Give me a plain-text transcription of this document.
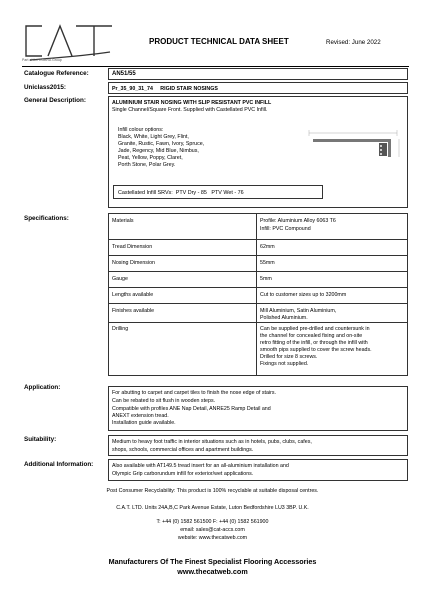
Part of the KOBRA Group
PRODUCT TECHNICAL DATA SHEET	Revised: June 2022
Catalogue Reference:	AN51/55
Uniclass2015:	Pr_35_90_31_74     RIGID STAIR NOSINGS
General Description:	ALUMINIUM STAIR NOSING WITH SLIP RESISTANT PVC INFILL
Single Channel/Square Front. Supplied with Castellated PVC Infill.
Infill colour options:
Black, White, Light Grey, Flint,
Granite, Rustic, Fawn, Ivory, Spruce,
Jade, Regency, Mid Blue, Nimbus,
Peat, Yellow, Poppy, Claret,
Porth Stone, Polar Grey.
Castellated Infill SRVs:  PTV Dry - 85   PTV Wet - 76
Specifications:	Materials	Profile: Aluminium Alloy 6063 T6
Infill: PVC Compound
Tread Dimension	62mm
Nosing Dimension	55mm
Gauge	5mm
Lengths available	Cut to customer sizes up to 3200mm
Finishes available	Mill Aluminium, Satin Aluminium,
Polished Aluminium.
Drilling	Can be supplied pre-drilled and countersunk in
the channel for concealed fixing and on-site
retro fitting of the infill, or through the infill with
smooth pips supplied to cover the screw heads.
Drilled for size 8 screws.
Fixings not supplied.
Application:
For abutting to carpet and carpet tiles to finish the nose edge of stairs.
Can be rebated to sit flush in wooden steps.
Compatible with profiles ANE Nap Detail, ANRE25 Ramp Detail and
ANEXT extension tread.
Installation guide available.
Suitability:	Medium to heavy foot traffic in interior situations such as in hotels, pubs, clubs, cafes,
shops, schools, commercial offices and apartment buildings.
Additional Information:	Also available with AT149.5 tread insert for an all-aluminium installation and
Olympic Grip carborundum infill for exterior/wet applications.
Post Consumer Recyclability: This product is 100% recyclable at suitable disposal centres.
C.A.T. LTD. Units 24A,B,C Park Avenue Estate, Luton Bedfordshire LU3 3BP. U.K.
T: +44 (0) 1582 561500 F: +44 (0) 1582 561900
email: sales@cat-accs.com
website: www.thecatweb.com
Manufacturers Of The Finest Specialist Flooring Accessories
www.thecatweb.com
